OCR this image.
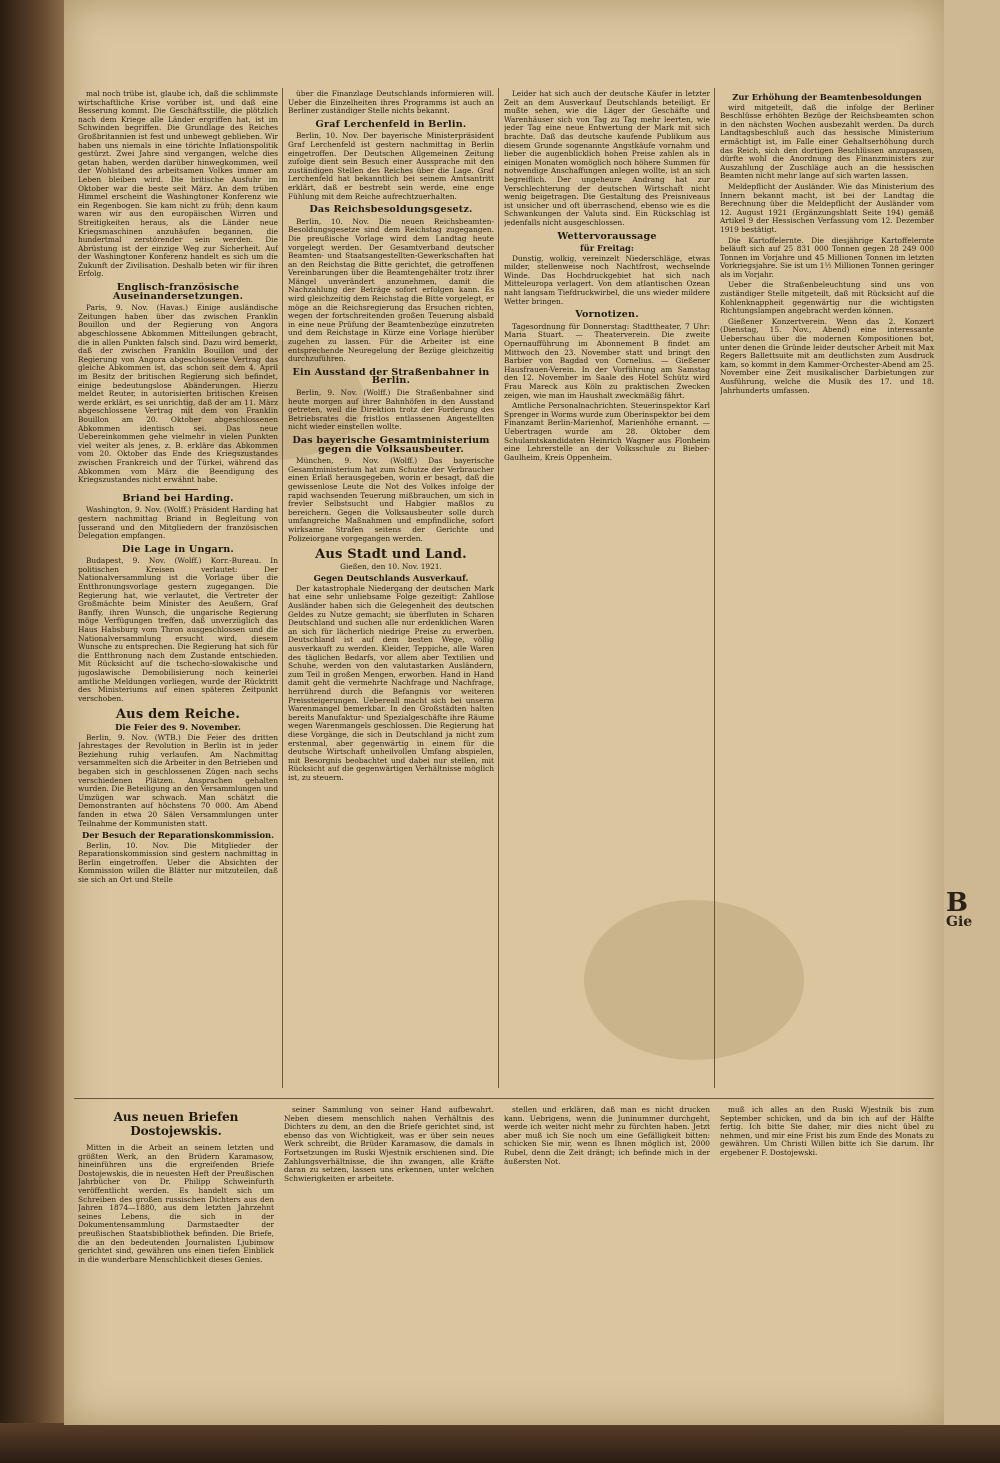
mal noch trübe ist, glaube ich, daß die schlimmste wirtschaftliche Krise vorüber ist, und daß eine Besserung kommt. Die Geschäftsstille, die plötzlich nach dem Kriege alle Länder ergriffen hat, ist im Schwinden begriffen. Die Grundlage des Reiches Großbritannien ist fest und unbewegt geblieben. Wir haben uns niemals in eine törichte Inflationspolitik gestürzt. Zwei Jahre sind vergangen, welche dies getan haben, werden darüber hinwegkommen, weil der Wohlstand des arbeitsamen Volkes immer am Leben bleiben wird. Die britische Ausfuhr im Oktober war die beste seit März. An dem trüben Himmel erscheint die Washingtoner Konferenz wie ein Regenbogen. Sie kam nicht zu früh; denn kaum waren wir aus den europäischen Wirren und Streitigkeiten heraus, als die Länder neue Kriegsmaschinen anzuhäufen begannen, die hundertmal zerstörender sein werden. Die Abrüstung ist der einzige Weg zur Sicherheit. Auf der Washingtoner Konferenz handelt es sich um die Zukunft der Zivilisation. Deshalb beten wir für ihren Erfolg.

Englisch-französische Auseinandersetzungen.

Paris, 9. Nov. (Havas.) Einige ausländische Zeitungen haben über das zwischen Franklin Bouillon und der Regierung von Angora abgeschlossene Abkommen Mitteilungen gebracht, die in allen Punkten falsch sind. Dazu wird bemerkt, daß der zwischen Franklin Bouillon und der Regierung von Angora abgeschlossene Vertrag das gleiche Abkommen ist, das schon seit dem 4. April im Besitz der britischen Regierung sich befindet, einige bedeutungslose Abänderungen. Hierzu meldet Reuter, in autorisierten britischen Kreisen werde erklärt, es sei unrichtig, daß der am 11. März abgeschlossene Vertrag mit dem von Franklin Bouillon am 20. Oktober abgeschlossenen Abkommen identisch sei. Das neue Uebereinkommen gehe vielmehr in vielen Punkten viel weiter als jenes, z. B. erkläre das Abkommen vom 20. Oktober das Ende des Kriegszustandes zwischen Frankreich und der Türkei, während das Abkommen vom März die Beendigung des Kriegszustandes nicht erwähnt habe.

Briand bei Harding.

Washington, 9. Nov. (Wolff.) Präsident Harding hat gestern nachmittag Briand in Begleitung von Jusserand und den Mitgliedern der französischen Delegation empfangen.

Die Lage in Ungarn.

Budapest, 9. Nov. (Wolff.) Korr.-Bureau. In politischen Kreisen verlautet: Der Nationalversammlung ist die Vorlage über die Entthronungsvorlage gestern zugegangen. Die Regierung hat, wie verlautet, die Vertreter der Großmächte beim Minister des Aeußern, Graf Banffy, ihren Wunsch, die ungarische Regierung möge Verfügungen treffen, daß unverzüglich das Haus Habsburg vom Thron ausgeschlossen und die Nationalversammlung ersucht wird, diesem Wunsche zu entsprechen. Die Regierung hat sich für die Entthronung nach dem Zustande entschieden. Mit Rücksicht auf die tschecho-slowakische und jugoslawische Demobilisierung noch keinerlei amtliche Meldungen vorliegen, wurde der Rücktritt des Ministeriums auf einen späteren Zeitpunkt verschoben.

Aus dem Reiche.
Die Feier des 9. November.

Berlin, 9. Nov. (WTB.) Die Feier des dritten Jahrestages der Revolution in Berlin ist in jeder Beziehung ruhig verlaufen. Am Nachmittag versammelten sich die Arbeiter in den Betrieben und begaben sich in geschlossenen Zügen nach sechs verschiedenen Plätzen. Ansprachen gehalten wurden. Die Beteiligung an den Versammlungen und Umzügen war schwach. Man schätzt die Demonstranten auf höchstens 70 000. Am Abend fanden in etwa 20 Sälen Versammlungen unter Teilnahme der Kommunisten statt.

Der Besuch der Reparationskommission.

Berlin, 10. Nov. Die Mitglieder der Reparationskommission sind gestern nachmittag in Berlin eingetroffen. Ueber die Absichten der Kommission willen die Blätter nur mitzuteilen, daß sie sich an Ort und Stelle

über die Finanzlage Deutschlands informieren will. Ueber die Einzelheiten ihres Programms ist auch an Berliner zuständiger Stelle nichts bekannt.

Graf Lerchenfeld in Berlin.

Berlin, 10. Nov. Der bayerische Ministerpräsident Graf Lerchenfeld ist gestern nachmittag in Berlin eingetroffen. Der Deutschen Allgemeinen Zeitung zufolge dient sein Besuch einer Aussprache mit den zuständigen Stellen des Reiches über die Lage. Graf Lerchenfeld hat bekanntlich bei seinem Amtsantritt erklärt, daß er bestrebt sein werde, eine enge Fühlung mit dem Reiche aufrechtzuerhalten.

Das Reichsbesoldungsgesetz.

Berlin, 10. Nov. Die neuen Reichsbeamten-Besoldungsgesetze sind dem Reichstag zugegangen. Die preußische Vorlage wird dem Landtag heute vorgelegt werden. Der Gesamtverband deutscher Beamten- und Staatsangestellten-Gewerkschaften hat an den Reichstag die Bitte gerichtet, die getroffenen Vereinbarungen über die Beamtengehälter trotz ihrer Mängel unverändert anzunehmen, damit die Nachzahlung der Beträge sofort erfolgen kann. Es wird gleichzeitig dem Reichstag die Bitte vorgelegt, er möge an die Reichsregierung das Ersuchen richten, wegen der fortschreitenden großen Teuerung alsbald in eine neue Prüfung der Beamtenbezüge einzutreten und dem Reichstage in Kürze eine Vorlage hierüber zugehen zu lassen. Für die Arbeiter ist eine entsprechende Neuregelung der Bezüge gleichzeitig durchzuführen.

Ein Ausstand der Straßenbahner in Berlin.

Berlin, 9. Nov. (Wolff.) Die Straßenbahner sind heute morgen auf ihrer Bahnhöfen in den Ausstand getreten, weil die Direktion trotz der Forderung des Betriebsrates die fristlos entlassenen Angestellten nicht wieder einstellen wollte.

Das bayerische Gesamtministerium gegen die Volksausbeuter.

München, 9. Nov. (Wolff.) Das bayerische Gesamtministerium hat zum Schutze der Verbraucher einen Erlaß herausgegeben, worin er besagt, daß die gewissenlose Leute die Not des Volkes infolge der rapid wachsenden Teuerung mißbrauchen, um sich in frevler Selbstsucht und Habgier maßlos zu bereichern. Gegen die Volksausbeuter solle durch umfangreiche Maßnahmen und empfindliche, sofort wirksame Strafen seitens der Gerichte und Polizeiorgane vorgegangen werden.

Aus Stadt und Land.
Gießen, den 10. Nov. 1921.
Gegen Deutschlands Ausverkauf.

Der katastrophale Niedergang der deutschen Mark hat eine sehr unliebsame Folge gezeitigt: Zahllose Ausländer haben sich die Gelegenheit des deutschen Geldes zu Nutze gemacht; sie überfluten in Scharen Deutschland und suchen alle nur erdenklichen Waren an sich für lächerlich niedrige Preise zu erwerben. Deutschland ist auf dem besten Wege, völlig ausverkauft zu werden. Kleider, Teppiche, alle Waren des täglichen Bedarfs, vor allem aber Textilien und Schuhe, werden von den valutastarken Ausländern, zum Teil in großen Mengen, erworben. Hand in Hand damit geht die vermehrte Nachfrage und Nachfrage, herrührend durch die Befangnis vor weiteren Preissteigerungen. Uebereall macht sich bei unserm Warenmangel bemerkbar. In den Großstädten halten bereits Manufaktur- und Spezialgeschäfte ihre Räume wegen Warenmangels geschlossen. Die Regierung hat diese Vorgänge, die sich in Deutschland ja nicht zum erstenmal, aber gegenwärtig in einem für die deutsche Wirtschaft unheilvollen Umfang abspielen, mit Besorgnis beobachtet und dabei nur stellen, mit Rücksicht auf die gegenwärtigen Verhältnisse möglich ist, zu steuern.

Leider hat sich auch der deutsche Käufer in letzter Zeit an dem Ausverkauf Deutschlands beteiligt. Er mußte sehen, wie die Läger der Geschäfte und Warenhäuser sich von Tag zu Tag mehr leerten, wie jeder Tag eine neue Entwertung der Mark mit sich brachte. Daß das deutsche kaufende Publikum aus diesem Grunde sogenannte Angstkäufe vornahm und lieber die augenblicklich hohen Preise zahlen als in einigen Monaten womöglich noch höhere Summen für notwendige Anschaffungen anlegen wollte, ist an sich begreiflich. Der ungeheure Andrang hat zur Verschlechterung der deutschen Wirtschaft nicht wenig beigetragen. Die Gestaltung des Preisniveaus ist unsicher und oft überraschend, ebenso wie es die Schwankungen der Valuta sind. Ein Rückschlag ist jedenfalls nicht ausgeschlossen.

Wettervoraussage
für Freitag:

Dunstig, wolkig, vereinzelt Niederschläge, etwas milder, stellenweise noch Nachtfrost, wechselnde Winde. Das Hochdruckgebiet hat sich nach Mitteleuropa verlagert. Von dem atlantischen Ozean naht langsam Tiefdruckwirbel, die uns wieder mildere Wetter bringen.

Vornotizen.

Tagesordnung für Donnerstag: Stadttheater, 7 Uhr: Maria Stuart. — Theaterverein. Die zweite Opernaufführung im Abonnement B findet am Mittwoch den 23. November statt und bringt den Barbier von Bagdad von Cornelius. — Gießener Hausfrauen-Verein. In der Vorführung am Samstag den 12. November im Saale des Hotel Schütz wird Frau Mareck aus Köln zu praktischen Zwecken zeigen, wie man im Haushalt zweckmäßig fährt.

Amtliche Personalnachrichten. Steuerinspektor Karl Sprenger in Worms wurde zum Oberinspektor bei dem Finanzamt Berlin-Marienhof, Marienhöhe ernannt. — Uebertragen wurde am 28. Oktober dem Schulamtskandidaten Heinrich Wagner aus Flonheim eine Lehrerstelle an der Volksschule zu Bieber-Gaulheim, Kreis Oppenheim.

Zur Erhöhung der Beamtenbesoldungen

wird mitgeteilt, daß die infolge der Berliner Beschlüsse erhöhten Bezüge der Reichsbeamten schon in den nächsten Wochen ausbezahlt werden. Da durch Landtagsbeschluß auch das hessische Ministerium ermächtigt ist, im Falle einer Gehaltserhöhung durch das Reich, sich den dortigen Beschlüssen anzupassen, dürfte wohl die Anordnung des Finanzministers zur Auszahlung der Zuschläge auch an die hessischen Beamten nicht mehr lange auf sich warten lassen.

Meldepflicht der Ausländer. Wie das Ministerium des Innern bekannt macht, ist bei der Landtag die Berechnung über die Meldepflicht der Ausländer vom 12. August 1921 (Ergänzungsblatt Seite 194) gemäß Artikel 9 der Hessischen Verfassung vom 12. Dezember 1919 bestätigt.

Die Kartoffelernte. Die diesjährige Kartoffelernte beläuft sich auf 25 831 000 Tonnen gegen 28 249 000 Tonnen im Vorjahre und 45 Millionen Tonnen im letzten Vorkriegsjahre. Sie ist um 1½ Millionen Tonnen geringer als im Vorjahr.

Ueber die Straßenbeleuchtung sind uns von zuständiger Stelle mitgeteilt, daß mit Rücksicht auf die Kohlenknappheit gegenwärtig nur die wichtigsten Richtungslampen angebracht werden können.

Gießener Konzertverein. Wenn das 2. Konzert (Dienstag, 15. Nov., Abend) eine interessante Ueberschau über die modernen Kompositionen bot, unter denen die Gründe leider deutscher Arbeit mit Max Regers Ballettsuite mit am deutlichsten zum Ausdruck kam, so kommt in dem Kammer-Orchester-Abend am 25. November eine Zeit musikalischer Darbietungen zur Ausführung, welche die Musik des 17. und 18. Jahrhunderts umfassen.

Aus neuen Briefen Dostojewskis.

Mitten in die Arbeit an seinem letzten und größten Werk, an den Brüdern Karamasow, hineinführen uns die ergreifenden Briefe Dostojewskis, die in neuesten Heft der Preußischen Jahrbücher von Dr. Philipp Schweinfurth veröffentlicht werden. Es handelt sich um Schreiben des großen russischen Dichters aus den Jahren 1874—1880, aus dem letzten Jahrzehnt seines Lebens, die sich in der Dokumentensammlung Darmstaedter der preußischen Staatsbibliothek befinden. Die Briefe, die an den bedeutenden Journalisten Ljubimow gerichtet sind, gewähren uns einen tiefen Einblick in die wunderbare Menschlichkeit dieses Genies.

seiner Sammlung von seiner Hand aufbewahrt. Neben diesem menschlich nahen Verhältnis des Dichters zu dem, an den die Briefe gerichtet sind, ist ebenso das von Wichtigkeit, was er über sein neues Werk schreibt, die Brüder Karamasow, die damals in Fortsetzungen im Ruski Wjestnik erschienen sind. Die Zahlungsverhältnisse, die ihn zwangen, alle Kräfte daran zu setzen, lassen uns erkennen, unter welchen Schwierigkeiten er arbeitete.

stellen und erklären, daß man es nicht drucken kann. Uebrigens, wenn die Juninummer durchgeht, werde ich weiter nicht mehr zu fürchten haben. Jetzt aber muß ich Sie noch um eine Gefälligkeit bitten: schicken Sie mir, wenn es Ihnen möglich ist, 2000 Rubel, denn die Zeit drängt; ich befinde mich in der äußersten Not.

muß ich alles an den Ruski Wjestnik bis zum September schicken, und da bin ich auf der Hälfte fertig. Ich bitte Sie daher, mir dies nicht übel zu nehmen, und mir eine Frist bis zum Ende des Monats zu gewähren. Um Christi Willen bitte ich Sie darum. Ihr ergebener F. Dostojewski.

B
Gie
